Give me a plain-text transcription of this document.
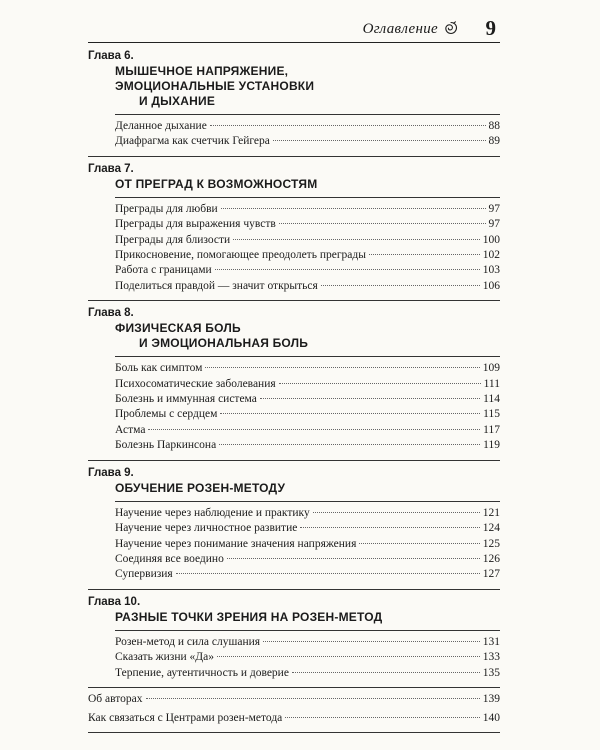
Оглавление 9
Глава 6.
МЫШЕЧНОЕ НАПРЯЖЕНИЕ,
ЭМОЦИОНАЛЬНЫЕ УСТАНОВКИ
И ДЫХАНИЕ
Деланное дыхание	88
Диафрагма как счетчик Гейгера	89
Глава 7.
ОТ ПРЕГРАД К ВОЗМОЖНОСТЯМ
Преграды для любви	97
Преграды для выражения чувств	97
Преграды для близости	100
Прикосновение, помогающее преодолеть преграды	102
Работа с границами	103
Поделиться правдой — значит открыться	106
Глава 8.
ФИЗИЧЕСКАЯ БОЛЬ
И ЭМОЦИОНАЛЬНАЯ БОЛЬ
Боль как симптом	109
Психосоматические заболевания	111
Болезнь и иммунная система	114
Проблемы с сердцем	115
Астма	117
Болезнь Паркинсона	119
Глава 9.
ОБУЧЕНИЕ РОЗЕН-МЕТОДУ
Научение через наблюдение и практику	121
Научение через личностное развитие	124
Научение через понимание значения напряжения	125
Соединяя все воедино	126
Супервизия	127
Глава 10.
РАЗНЫЕ ТОЧКИ ЗРЕНИЯ НА РОЗЕН-МЕТОД
Розен-метод и сила слушания	131
Сказать жизни «Да»	133
Терпение, аутентичность и доверие	135
Об авторах	139
Как связаться с Центрами розен-метода	140
